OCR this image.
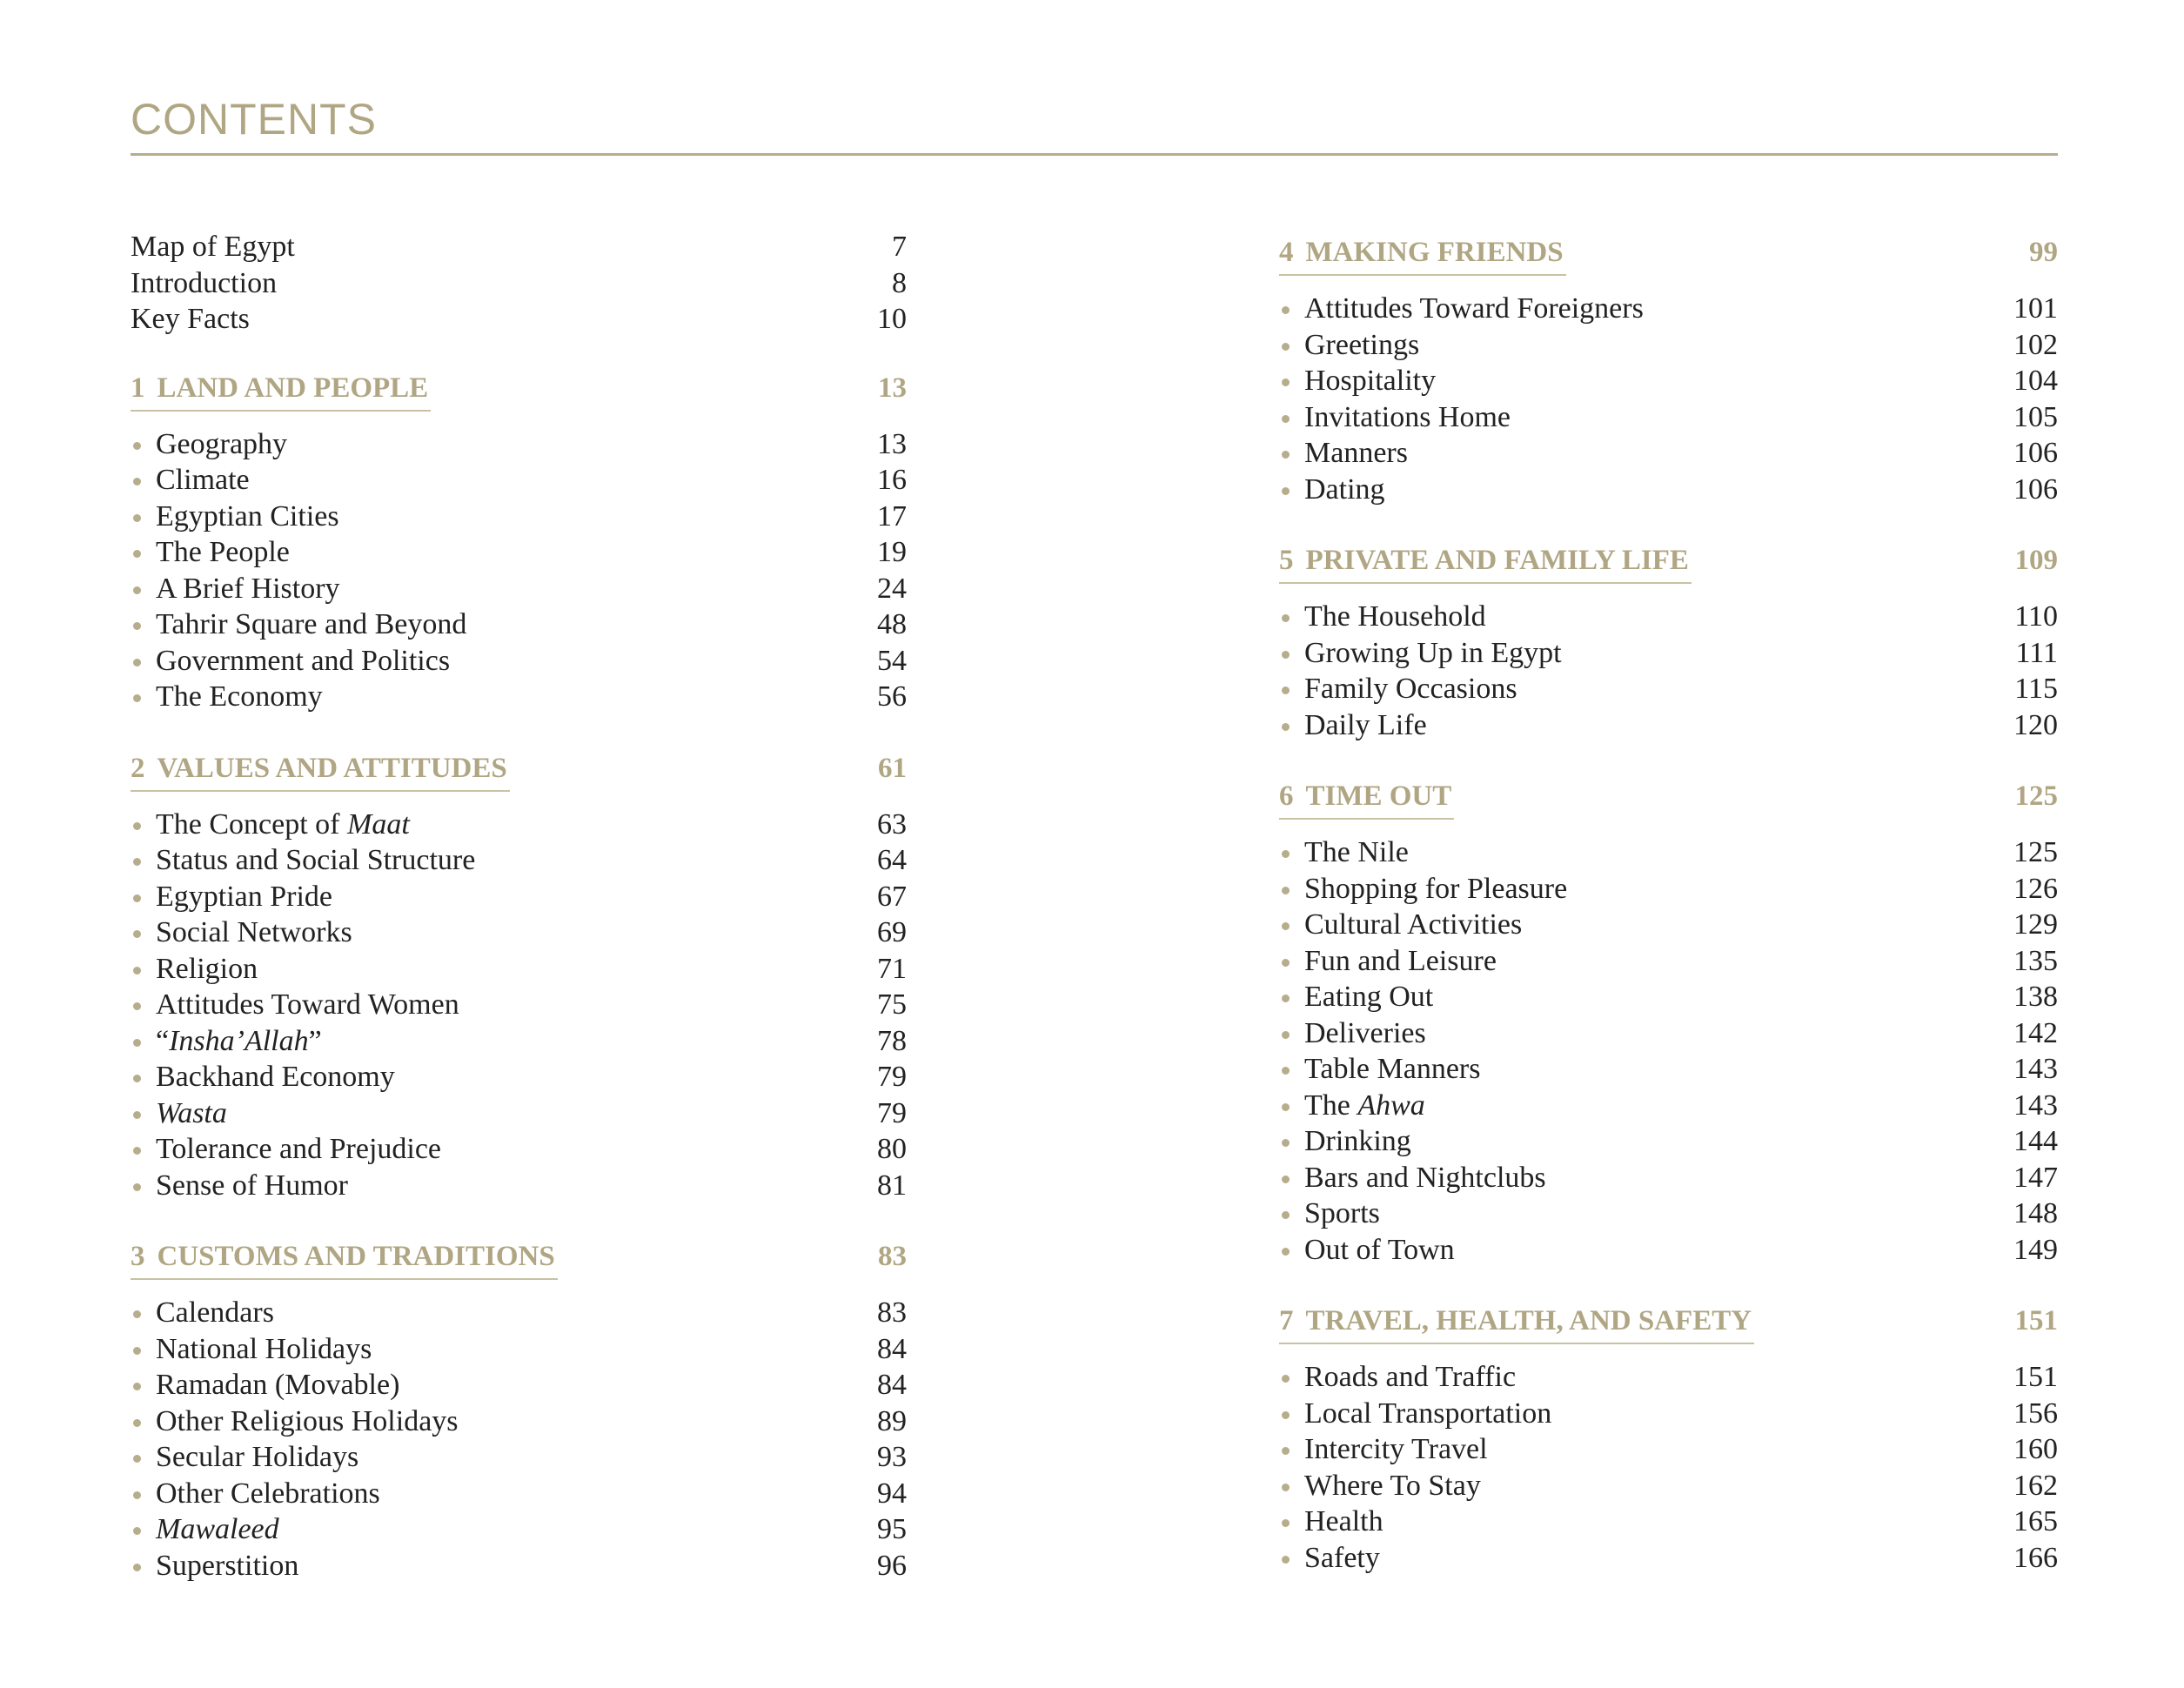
CONTENTS
Map of Egypt	7
Introduction	8
Key Facts	10
1 LAND AND PEOPLE	13
Geography	13
Climate	16
Egyptian Cities	17
The People	19
A Brief History	24
Tahrir Square and Beyond	48
Government and Politics	54
The Economy	56
2 VALUES AND ATTITUDES	61
The Concept of Maat	63
Status and Social Structure	64
Egyptian Pride	67
Social Networks	69
Religion	71
Attitudes Toward Women	75
“Insha’Allah”	78
Backhand Economy	79
Wasta	79
Tolerance and Prejudice	80
Sense of Humor	81
3 CUSTOMS AND TRADITIONS	83
Calendars	83
National Holidays	84
Ramadan (Movable)	84
Other Religious Holidays	89
Secular Holidays	93
Other Celebrations	94
Mawaleed	95
Superstition	96
4 MAKING FRIENDS	99
Attitudes Toward Foreigners	101
Greetings	102
Hospitality	104
Invitations Home	105
Manners	106
Dating	106
5 PRIVATE AND FAMILY LIFE	109
The Household	110
Growing Up in Egypt	111
Family Occasions	115
Daily Life	120
6 TIME OUT	125
The Nile	125
Shopping for Pleasure	126
Cultural Activities	129
Fun and Leisure	135
Eating Out	138
Deliveries	142
Table Manners	143
The Ahwa	143
Drinking	144
Bars and Nightclubs	147
Sports	148
Out of Town	149
7 TRAVEL, HEALTH, AND SAFETY	151
Roads and Traffic	151
Local Transportation	156
Intercity Travel	160
Where To Stay	162
Health	165
Safety	166
